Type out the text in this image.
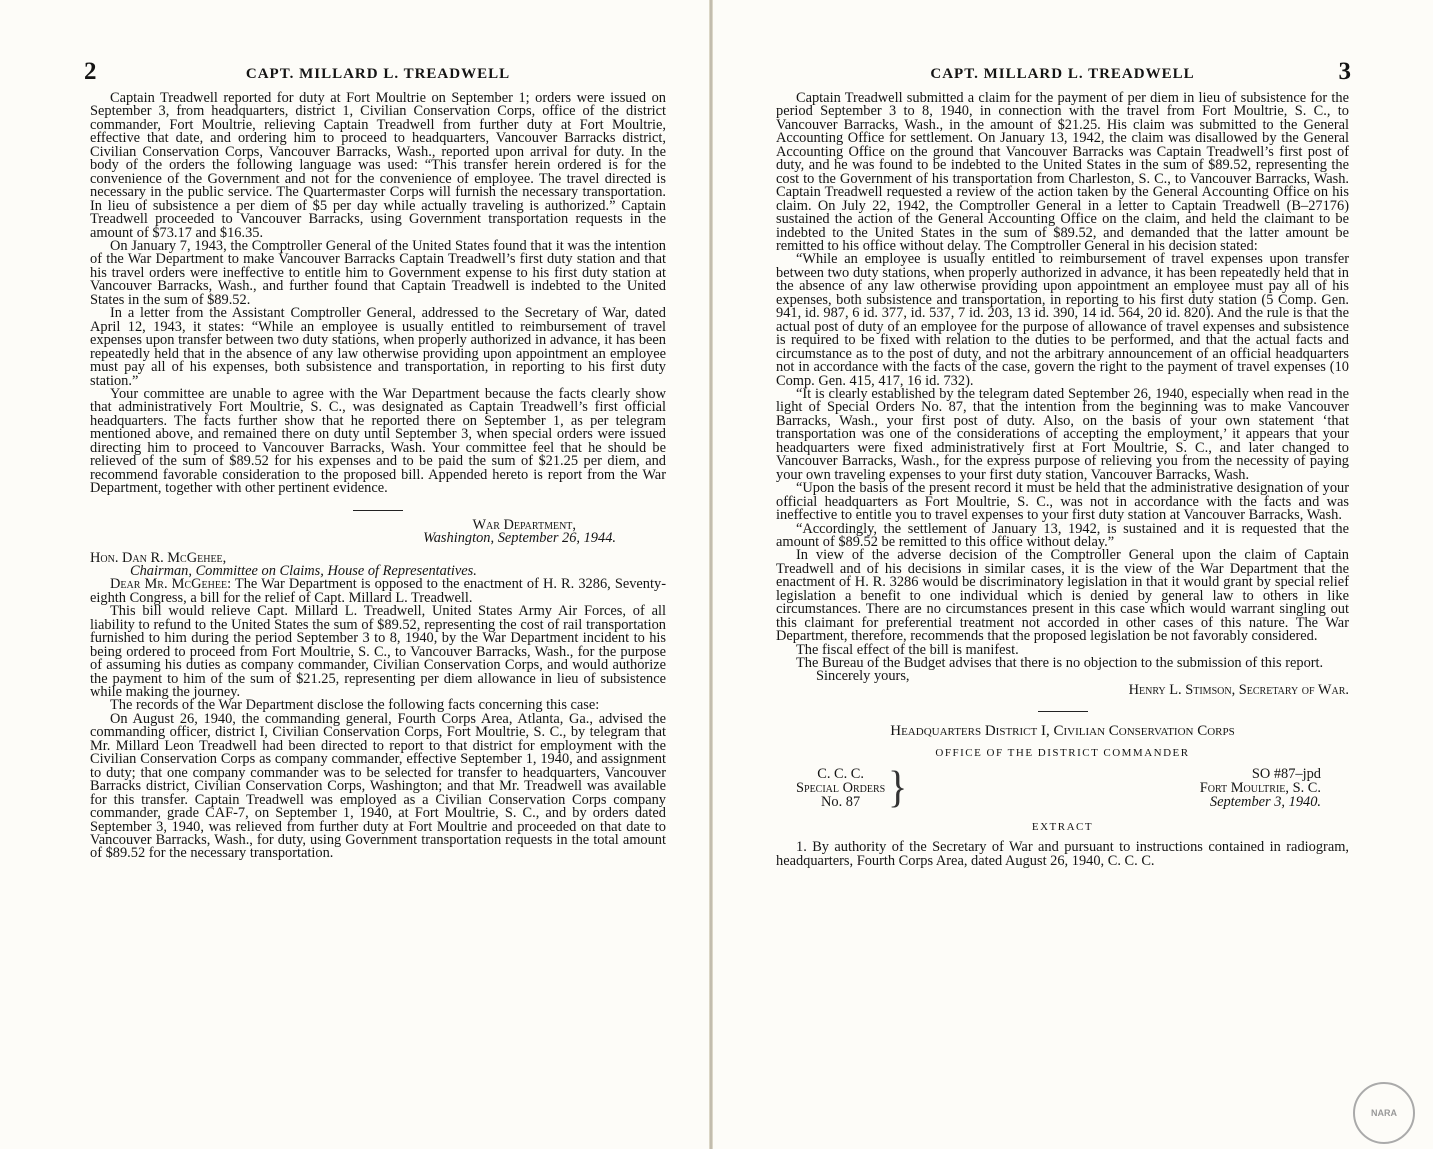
2	CAPT. MILLARD L. TREADWELL

Captain Treadwell reported for duty at Fort Moultrie on September 1; orders were issued on September 3, from headquarters, district 1, Civilian Conservation Corps, office of the district commander, Fort Moultrie, relieving Captain Treadwell from further duty at Fort Moultrie, effective that date, and ordering him to proceed to headquarters, Vancouver Barracks district, Civilian Conservation Corps, Vancouver Barracks, Wash., reported upon arrival for duty. In the body of the orders the following language was used: “This transfer herein ordered is for the convenience of the Government and not for the convenience of employee. The travel directed is necessary in the public service. The Quartermaster Corps will furnish the necessary transportation. In lieu of subsistence a per diem of $5 per day while actually traveling is authorized.” Captain Treadwell proceeded to Vancouver Barracks, using Government transportation requests in the amount of $73.17 and $16.35.

On January 7, 1943, the Comptroller General of the United States found that it was the intention of the War Department to make Vancouver Barracks Captain Treadwell’s first duty station and that his travel orders were ineffective to entitle him to Government expense to his first duty station at Vancouver Barracks, Wash., and further found that Captain Treadwell is indebted to the United States in the sum of $89.52.

In a letter from the Assistant Comptroller General, addressed to the Secretary of War, dated April 12, 1943, it states: “While an employee is usually entitled to reimbursement of travel expenses upon transfer between two duty stations, when properly authorized in advance, it has been repeatedly held that in the absence of any law otherwise providing upon appointment an employee must pay all of his expenses, both subsistence and transportation, in reporting to his first duty station.”

Your committee are unable to agree with the War Department because the facts clearly show that administratively Fort Moultrie, S. C., was designated as Captain Treadwell’s first official headquarters. The facts further show that he reported there on September 1, as per telegram mentioned above, and remained there on duty until September 3, when special orders were issued directing him to proceed to Vancouver Barracks, Wash. Your committee feel that he should be relieved of the sum of $89.52 for his expenses and to be paid the sum of $21.25 per diem, and recommend favorable consideration to the proposed bill. Appended hereto is report from the War Department, together with other pertinent evidence.

War Department,

Washington, September 26, 1944.

Hon. Dan R. McGehee,

Chairman, Committee on Claims, House of Representatives.

Dear Mr. McGehee: The War Department is opposed to the enactment of H. R. 3286, Seventy-eighth Congress, a bill for the relief of Capt. Millard L. Treadwell.

This bill would relieve Capt. Millard L. Treadwell, United States Army Air Forces, of all liability to refund to the United States the sum of $89.52, representing the cost of rail transportation furnished to him during the period September 3 to 8, 1940, by the War Department incident to his being ordered to proceed from Fort Moultrie, S. C., to Vancouver Barracks, Wash., for the purpose of assuming his duties as company commander, Civilian Conservation Corps, and would authorize the payment to him of the sum of $21.25, representing per diem allowance in lieu of subsistence while making the journey.

The records of the War Department disclose the following facts concerning this case:

On August 26, 1940, the commanding general, Fourth Corps Area, Atlanta, Ga., advised the commanding officer, district I, Civilian Conservation Corps, Fort Moultrie, S. C., by telegram that Mr. Millard Leon Treadwell had been directed to report to that district for employment with the Civilian Conservation Corps as company commander, effective September 1, 1940, and assignment to duty; that one company commander was to be selected for transfer to headquarters, Vancouver Barracks district, Civilian Conservation Corps, Washington; and that Mr. Treadwell was available for this transfer. Captain Treadwell was employed as a Civilian Conservation Corps company commander, grade CAF-7, on September 1, 1940, at Fort Moultrie, S. C., and by orders dated September 3, 1940, was relieved from further duty at Fort Moultrie and proceeded on that date to Vancouver Barracks, Wash., for duty, using Government transportation requests in the total amount of $89.52 for the necessary transportation.

CAPT. MILLARD L. TREADWELL	3

Captain Treadwell submitted a claim for the payment of per diem in lieu of subsistence for the period September 3 to 8, 1940, in connection with the travel from Fort Moultrie, S. C., to Vancouver Barracks, Wash., in the amount of $21.25. His claim was submitted to the General Accounting Office for settlement. On January 13, 1942, the claim was disallowed by the General Accounting Office on the ground that Vancouver Barracks was Captain Treadwell’s first post of duty, and he was found to be indebted to the United States in the sum of $89.52, representing the cost to the Government of his transportation from Charleston, S. C., to Vancouver Barracks, Wash. Captain Treadwell requested a review of the action taken by the General Accounting Office on his claim. On July 22, 1942, the Comptroller General in a letter to Captain Treadwell (B–27176) sustained the action of the General Accounting Office on the claim, and held the claimant to be indebted to the United States in the sum of $89.52, and demanded that the latter amount be remitted to his office without delay. The Comptroller General in his decision stated:

“While an employee is usually entitled to reimbursement of travel expenses upon transfer between two duty stations, when properly authorized in advance, it has been repeatedly held that in the absence of any law otherwise providing upon appointment an employee must pay all of his expenses, both subsistence and transportation, in reporting to his first duty station (5 Comp. Gen. 941, id. 987, 6 id. 377, id. 537, 7 id. 203, 13 id. 390, 14 id. 564, 20 id. 820). And the rule is that the actual post of duty of an employee for the purpose of allowance of travel expenses and subsistence is required to be fixed with relation to the duties to be performed, and that the actual facts and circumstance as to the post of duty, and not the arbitrary announcement of an official headquarters not in accordance with the facts of the case, govern the right to the payment of travel expenses (10 Comp. Gen. 415, 417, 16 id. 732).

“It is clearly established by the telegram dated September 26, 1940, especially when read in the light of Special Orders No. 87, that the intention from the beginning was to make Vancouver Barracks, Wash., your first post of duty. Also, on the basis of your own statement ‘that transportation was one of the considerations of accepting the employment,’ it appears that your headquarters were fixed administratively first at Fort Moultrie, S. C., and later changed to Vancouver Barracks, Wash., for the express purpose of relieving you from the necessity of paying your own traveling expenses to your first duty station, Vancouver Barracks, Wash.

“Upon the basis of the present record it must be held that the administrative designation of your official headquarters as Fort Moultrie, S. C., was not in accordance with the facts and was ineffective to entitle you to travel expenses to your first duty station at Vancouver Barracks, Wash.

“Accordingly, the settlement of January 13, 1942, is sustained and it is requested that the amount of $89.52 be remitted to this office without delay.”

In view of the adverse decision of the Comptroller General upon the claim of Captain Treadwell and of his decisions in similar cases, it is the view of the War Department that the enactment of H. R. 3286 would be discriminatory legislation in that it would grant by special relief legislation a benefit to one individual which is denied by general law to others in like circumstances. There are no circumstances present in this case which would warrant singling out this claimant for preferential treatment not accorded in other cases of this nature. The War Department, therefore, recommends that the proposed legislation be not favorably considered.

The fiscal effect of the bill is manifest.

The Bureau of the Budget advises that there is no objection to the submission of this report.

Sincerely yours,

Henry L. Stimson, Secretary of War.

Headquarters District I, Civilian Conservation Corps
OFFICE OF THE DISTRICT COMMANDER
C. C. C.
Special Orders
No. 87 }	SO #87–jpd
Fort Moultrie, S. C.
September 3, 1940.
EXTRACT

1. By authority of the Secretary of War and pursuant to instructions contained in radiogram, headquarters, Fourth Corps Area, dated August 26, 1940, C. C. C.

NARA
